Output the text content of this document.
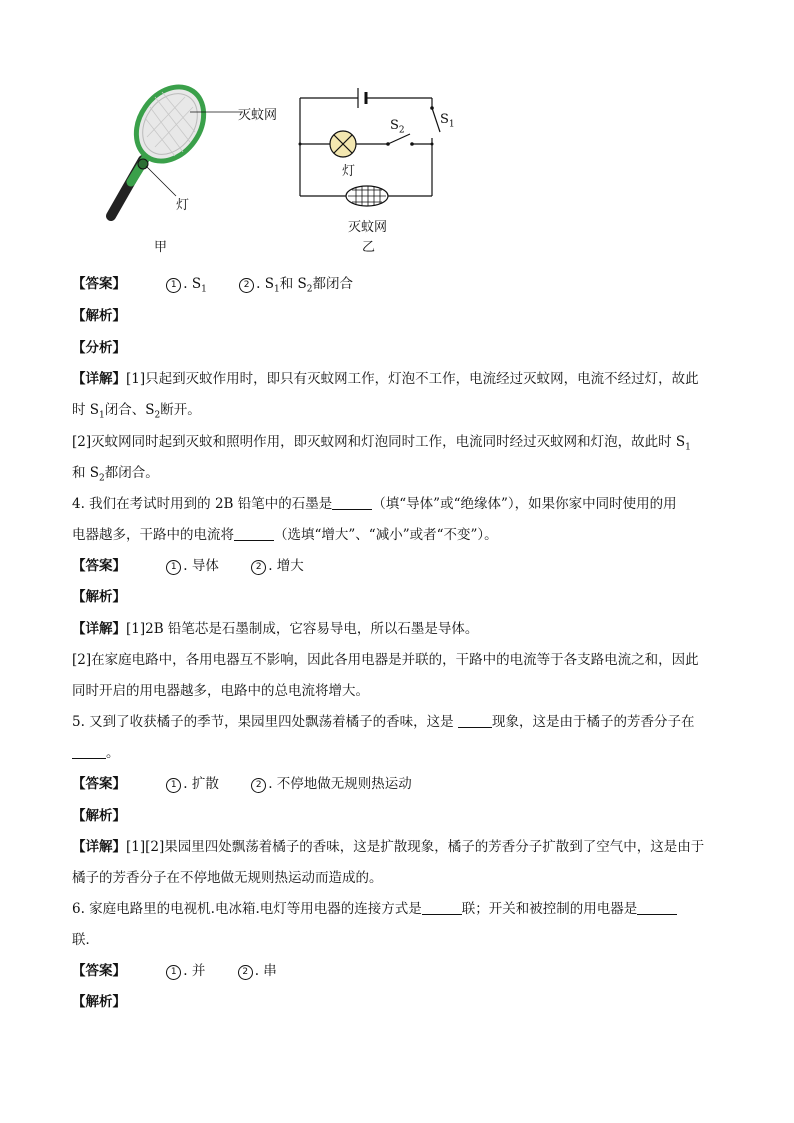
灭蚊网
灯
甲
$S_1$
$S_2$
灯
灭蚊网
乙
【答案】	1 . $S_1$	2 . $S_1$和 $S_2$都闭合
【解析】
【分析】
【详解】[1]只起到灭蚊作用时，即只有灭蚊网工作，灯泡不工作，电流经过灭蚊网，电流不经过灯，故此
时 $S_1$闭合、$S_2$断开。
[2]灭蚊网同时起到灭蚊和照明作用，即灭蚊网和灯泡同时工作，电流同时经过灭蚊网和灯泡，故此时 $S_1$
和 $S_2$都闭合。
4. 我们在考试时用到的 2B 铅笔中的石墨是	（填“导体”或“绝缘体”），如果你家中同时使用的用
电器越多，干路中的电流将	（选填“增大”、“减小”或者“不变”）。
【答案】	1 . 导体	2 . 增大
【解析】
【详解】[1]2B 铅笔芯是石墨制成，它容易导电，所以石墨是导体。
[2]在家庭电路中，各用电器互不影响，因此各用电器是并联的，干路中的电流等于各支路电流之和，因此
同时开启的用电器越多，电路中的总电流将增大。
5. 又到了收获橘子的季节，果园里四处飘荡着橘子的香味，这是	现象，这是由于橘子的芳香分子在
。
【答案】	1 . 扩散	2 . 不停地做无规则热运动
【解析】
【详解】[1][2]果园里四处飘荡着橘子的香味，这是扩散现象，橘子的芳香分子扩散到了空气中，这是由于
橘子的芳香分子在不停地做无规则热运动而造成的。
6. 家庭电路里的电视机.电冰箱.电灯等用电器的连接方式是	联；开关和被控制的用电器是
联．
【答案】	1 . 并	2 . 串
【解析】
